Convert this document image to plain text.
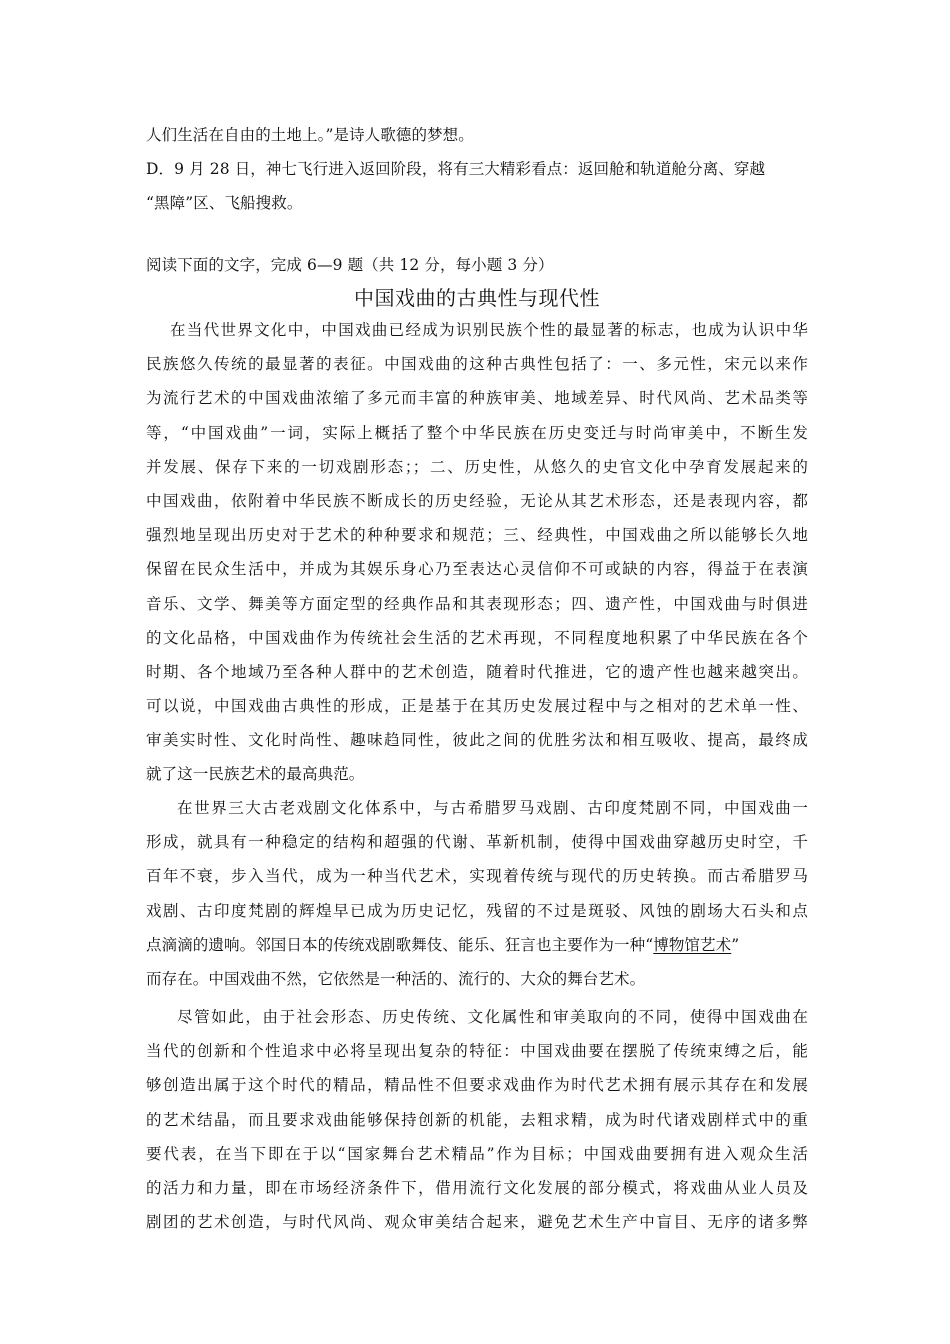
人们生活在自由的土地上。”是诗人歌德的梦想。
D．9 月 28 日，神七飞行进入返回阶段，将有三大精彩看点：返回舱和轨道舱分离、穿越
“黑障”区、飞船搜救。
阅读下面的文字，完成 6—9 题（共 12 分，每小题 3 分）
中国戏曲的古典性与现代性
在当代世界文化中，中国戏曲已经成为识别民族个性的最显著的标志，也成为认识中华
民族悠久传统的最显著的表征。中国戏曲的这种古典性包括了：一、多元性，宋元以来作
为流行艺术的中国戏曲浓缩了多元而丰富的种族审美、地域差异、时代风尚、艺术品类等
等，“中国戏曲”一词，实际上概括了整个中华民族在历史变迁与时尚审美中，不断生发
并发展、保存下来的一切戏剧形态；；二、历史性，从悠久的史官文化中孕育发展起来的
中国戏曲，依附着中华民族不断成长的历史经验，无论从其艺术形态，还是表现内容，都
强烈地呈现出历史对于艺术的种种要求和规范；三、经典性，中国戏曲之所以能够长久地
保留在民众生活中，并成为其娱乐身心乃至表达心灵信仰不可或缺的内容，得益于在表演
音乐、文学、舞美等方面定型的经典作品和其表现形态；四、遗产性，中国戏曲与时俱进
的文化品格，中国戏曲作为传统社会生活的艺术再现，不同程度地积累了中华民族在各个
时期、各个地域乃至各种人群中的艺术创造，随着时代推进，它的遗产性也越来越突出。
可以说，中国戏曲古典性的形成，正是基于在其历史发展过程中与之相对的艺术单一性、
审美实时性、文化时尚性、趣味趋同性，彼此之间的优胜劣汰和相互吸收、提高，最终成
就了这一民族艺术的最高典范。
在世界三大古老戏剧文化体系中，与古希腊罗马戏剧、古印度梵剧不同，中国戏曲一
形成，就具有一种稳定的结构和超强的代谢、革新机制，使得中国戏曲穿越历史时空，千
百年不衰，步入当代，成为一种当代艺术，实现着传统与现代的历史转换。而古希腊罗马
戏剧、古印度梵剧的辉煌早已成为历史记忆，残留的不过是斑驳、风蚀的剧场大石头和点
点滴滴的遗响。邻国日本的传统戏剧歌舞伎、能乐、狂言也主要作为一种“博物馆艺术”
而存在。中国戏曲不然，它依然是一种活的、流行的、大众的舞台艺术。
尽管如此，由于社会形态、历史传统、文化属性和审美取向的不同，使得中国戏曲在
当代的创新和个性追求中必将呈现出复杂的特征：中国戏曲要在摆脱了传统束缚之后，能
够创造出属于这个时代的精品，精品性不但要求戏曲作为时代艺术拥有展示其存在和发展
的艺术结晶，而且要求戏曲能够保持创新的机能，去粗求精，成为时代诸戏剧样式中的重
要代表，在当下即在于以“国家舞台艺术精品”作为目标；中国戏曲要拥有进入观众生活
的活力和力量，即在市场经济条件下，借用流行文化发展的部分模式，将戏曲从业人员及
剧团的艺术创造，与时代风尚、观众审美结合起来，避免艺术生产中盲目、无序的诸多弊
